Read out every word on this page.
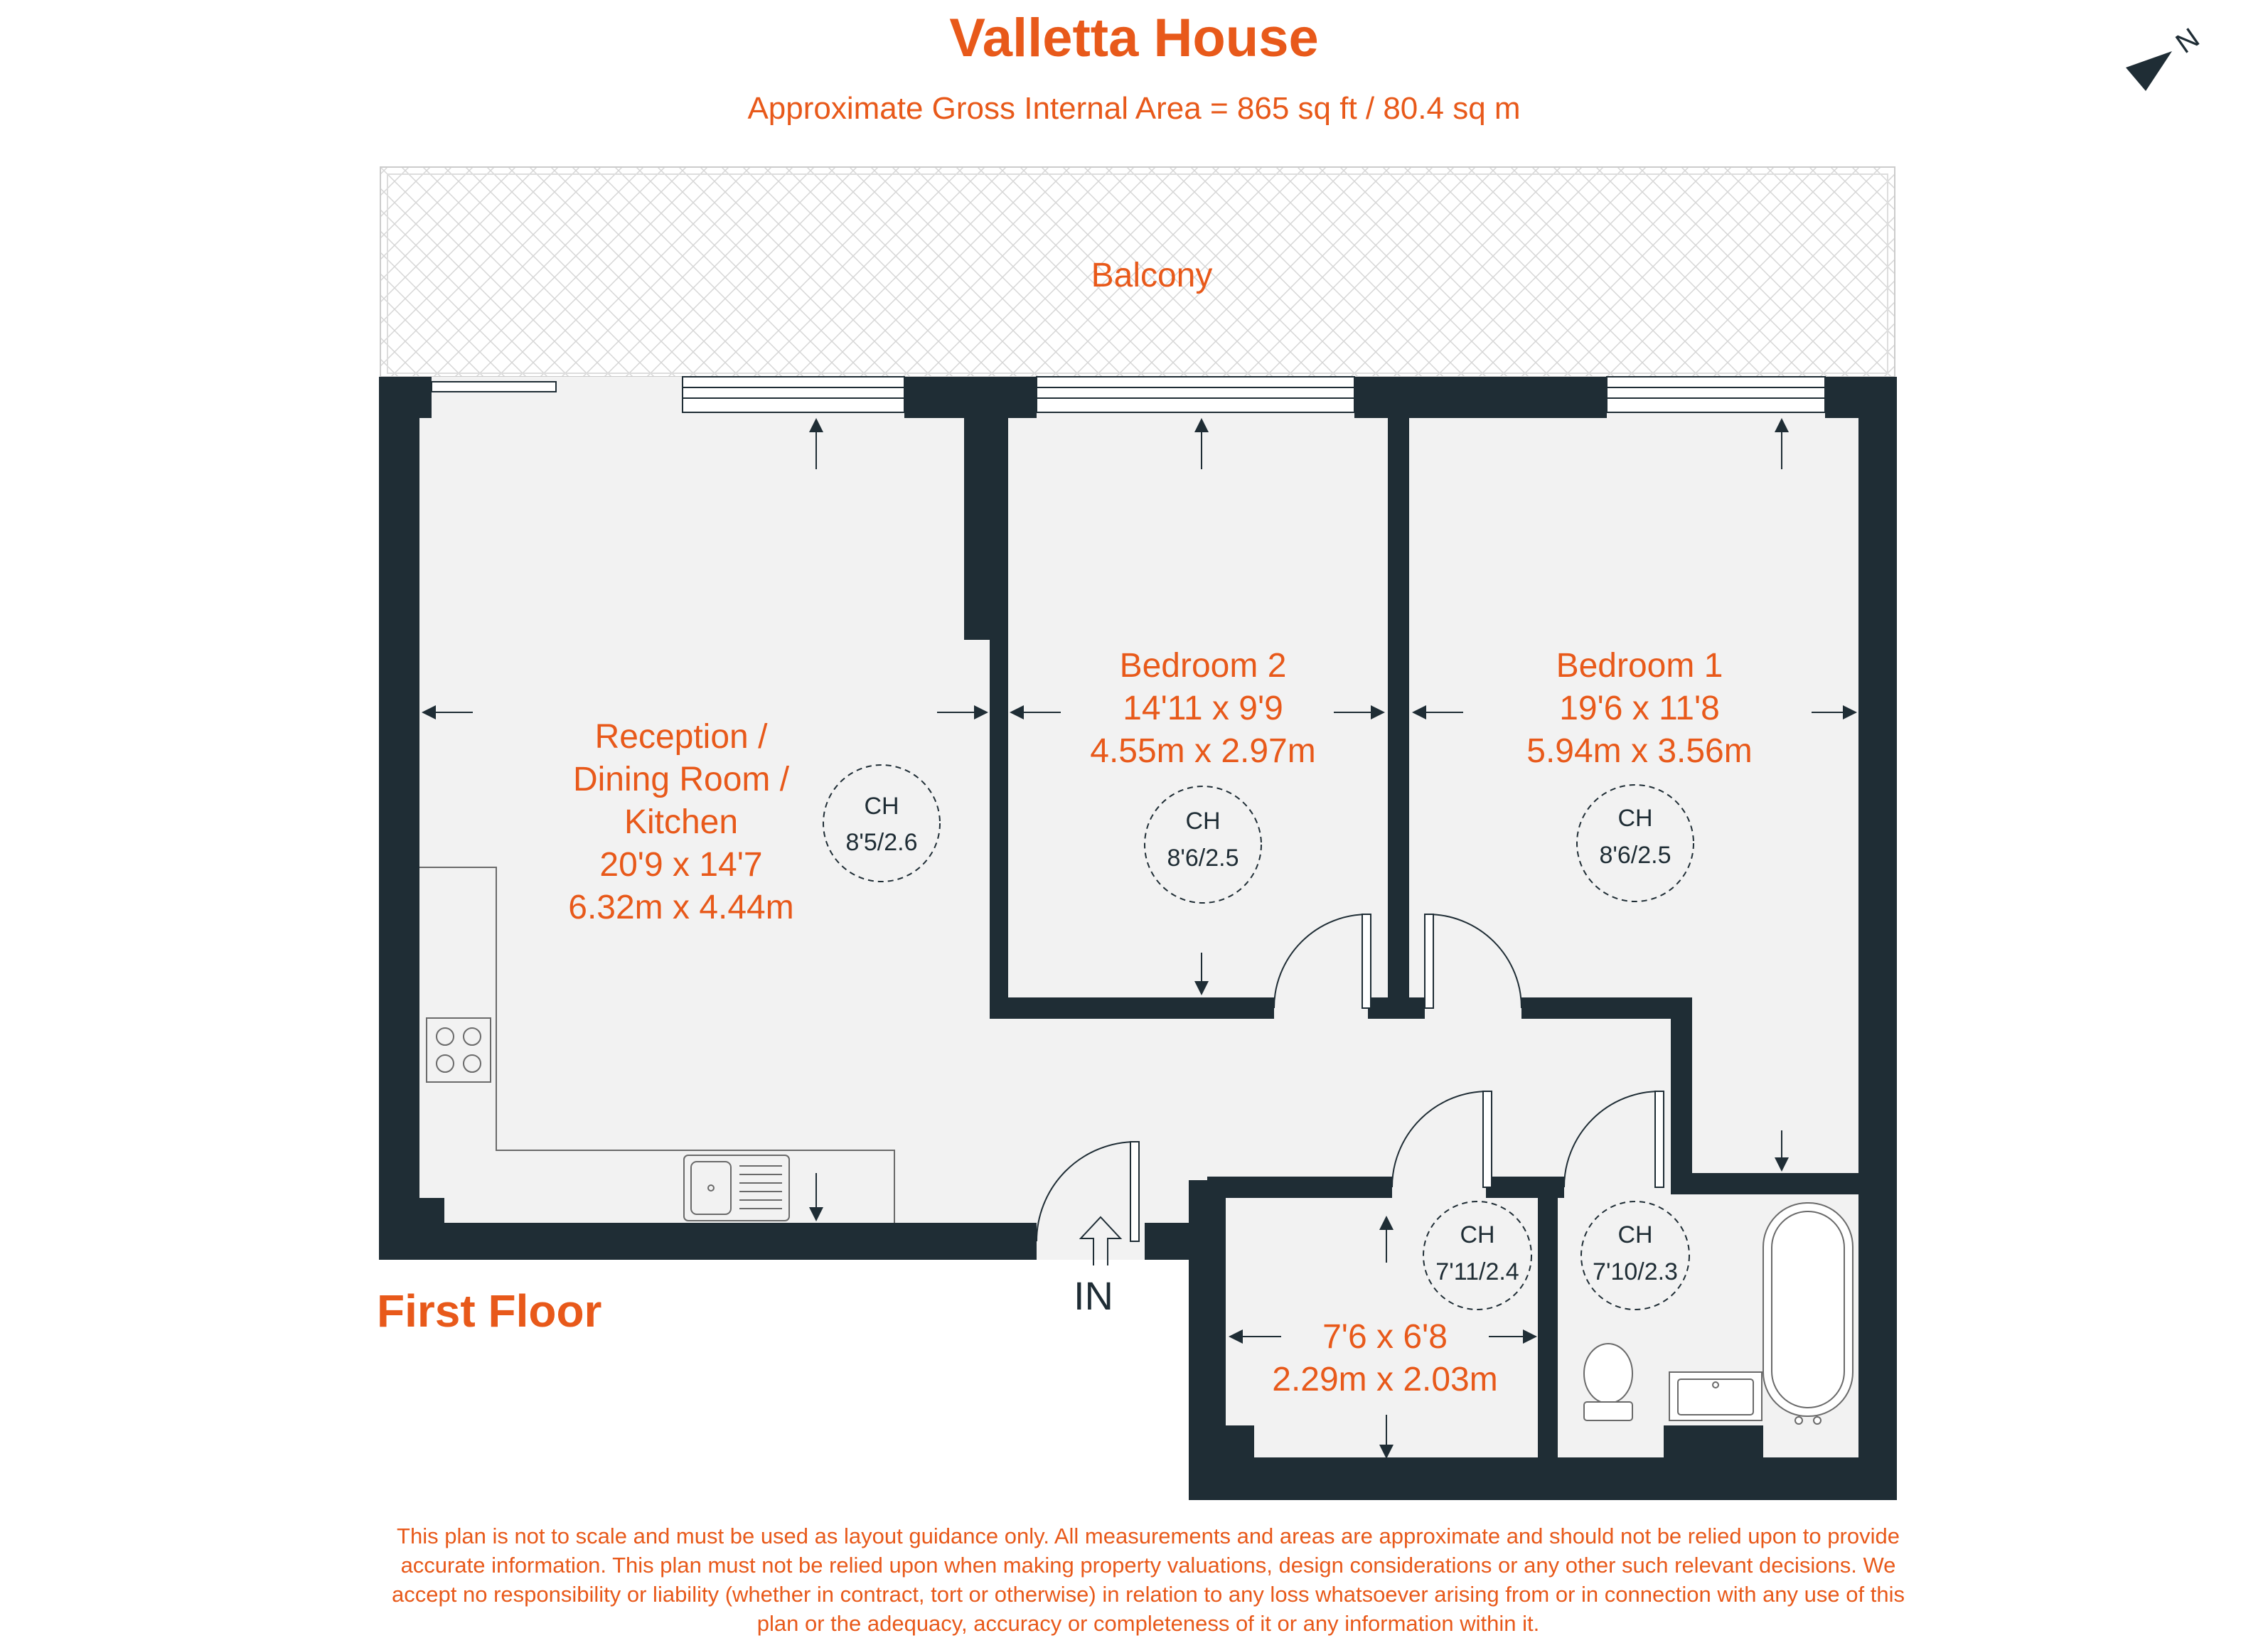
Valletta House
Approximate Gross Internal Area = 865 sq ft / 80.4 sq m
N
Balcony
IN
Reception /
Dining Room /
Kitchen
20'9 x 14'7
6.32m x 4.44m
Bedroom 2
14'11 x 9'9
4.55m x 2.97m
Bedroom 1
19'6 x 11'8
5.94m x 3.56m
7'6 x 6'8
2.29m x 2.03m
CH
8'5/2.6
CH
8'6/2.5
CH
8'6/2.5
CH
7'11/2.4
CH
7'10/2.3
First Floor
This plan is not to scale and must be used as layout guidance only. All measurements and areas are approximate and should not be relied upon to provide accurate information. This plan must not be relied upon when making property valuations, design considerations or any other such relevant decisions. We accept no responsibility or liability (whether in contract, tort or otherwise) in relation to any loss whatsoever arising from or in connection with any use of this plan or the adequacy, accuracy or completeness of it or any information within it.
